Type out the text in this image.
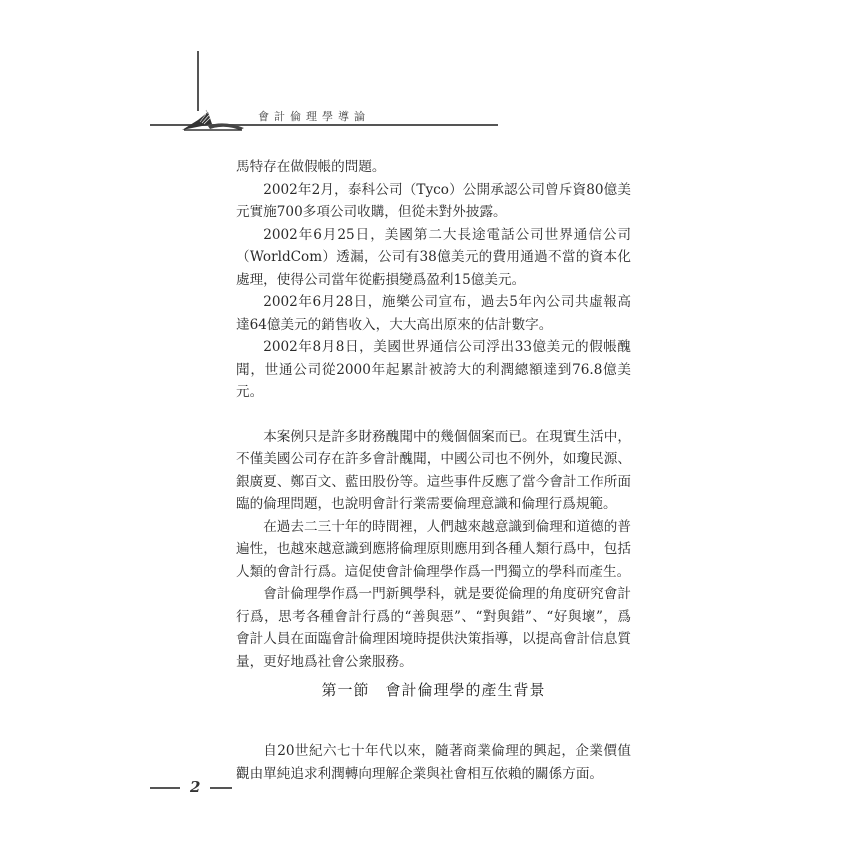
會計倫理學導論

馬特存在做假帳的問題。

2002年2月，泰科公司（Tyco）公開承認公司曾斥資80億美元實施700多項公司收購，但從未對外披露。

2002年6月25日，美國第二大長途電話公司世界通信公司（WorldCom）透漏，公司有38億美元的費用通過不當的資本化處理，使得公司當年從虧損變爲盈利15億美元。

2002年6月28日，施樂公司宣布，過去5年內公司共虛報高達64億美元的銷售收入，大大高出原來的估計數字。

2002年8月8日，美國世界通信公司浮出33億美元的假帳醜聞，世通公司從2000年起累計被誇大的利潤總額達到76.8億美元。

本案例只是許多財務醜聞中的幾個個案而已。在現實生活中，不僅美國公司存在許多會計醜聞，中國公司也不例外，如瓊民源、銀廣夏、鄭百文、藍田股份等。這些事件反應了當今會計工作所面臨的倫理問題，也說明會計行業需要倫理意識和倫理行爲規範。

在過去二三十年的時間裡，人們越來越意識到倫理和道德的普遍性，也越來越意識到應將倫理原則應用到各種人類行爲中，包括人類的會計行爲。這促使會計倫理學作爲一門獨立的學科而產生。

會計倫理學作爲一門新興學科，就是要從倫理的角度研究會計行爲，思考各種會計行爲的“善與惡”、“對與錯”、“好與壞”，爲會計人員在面臨會計倫理困境時提供決策指導，以提高會計信息質量，更好地爲社會公衆服務。

第一節　會計倫理學的產生背景

自20世紀六七十年代以來，隨著商業倫理的興起，企業價值觀由單純追求利潤轉向理解企業與社會相互依賴的關係方面。

2
